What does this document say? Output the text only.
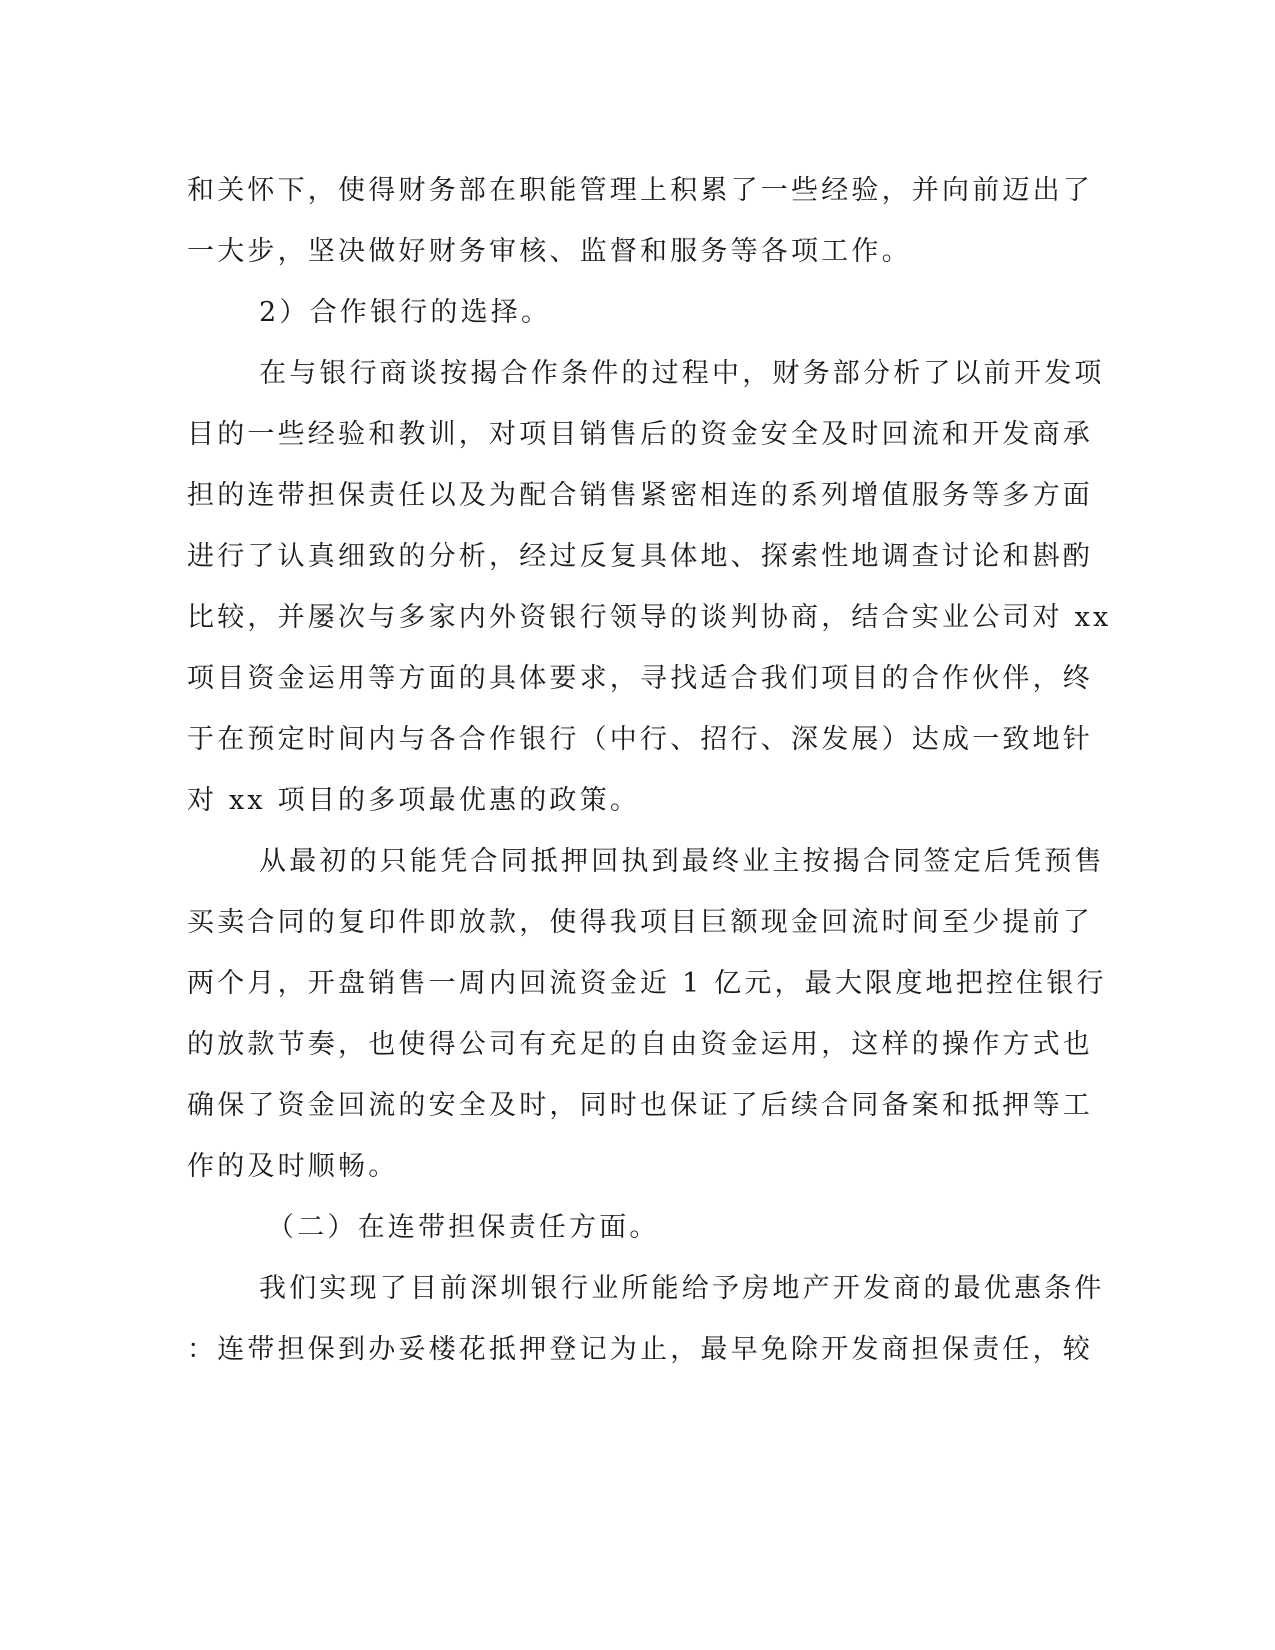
和关怀下，使得财务部在职能管理上积累了一些经验，并向前迈出了
一大步，坚决做好财务审核、监督和服务等各项工作。
2）合作银行的选择。
在与银行商谈按揭合作条件的过程中，财务部分析了以前开发项
目的一些经验和教训，对项目销售后的资金安全及时回流和开发商承
担的连带担保责任以及为配合销售紧密相连的系列增值服务等多方面
进行了认真细致的分析，经过反复具体地、探索性地调查讨论和斟酌
比较，并屡次与多家内外资银行领导的谈判协商，结合实业公司对 xx
项目资金运用等方面的具体要求，寻找适合我们项目的合作伙伴，终
于在预定时间内与各合作银行（中行、招行、深发展）达成一致地针
对 xx 项目的多项最优惠的政策。
从最初的只能凭合同抵押回执到最终业主按揭合同签定后凭预售
买卖合同的复印件即放款，使得我项目巨额现金回流时间至少提前了
两个月，开盘销售一周内回流资金近 1 亿元，最大限度地把控住银行
的放款节奏，也使得公司有充足的自由资金运用，这样的操作方式也
确保了资金回流的安全及时，同时也保证了后续合同备案和抵押等工
作的及时顺畅。
（二）在连带担保责任方面。
我们实现了目前深圳银行业所能给予房地产开发商的最优惠条件
：连带担保到办妥楼花抵押登记为止，最早免除开发商担保责任，较
